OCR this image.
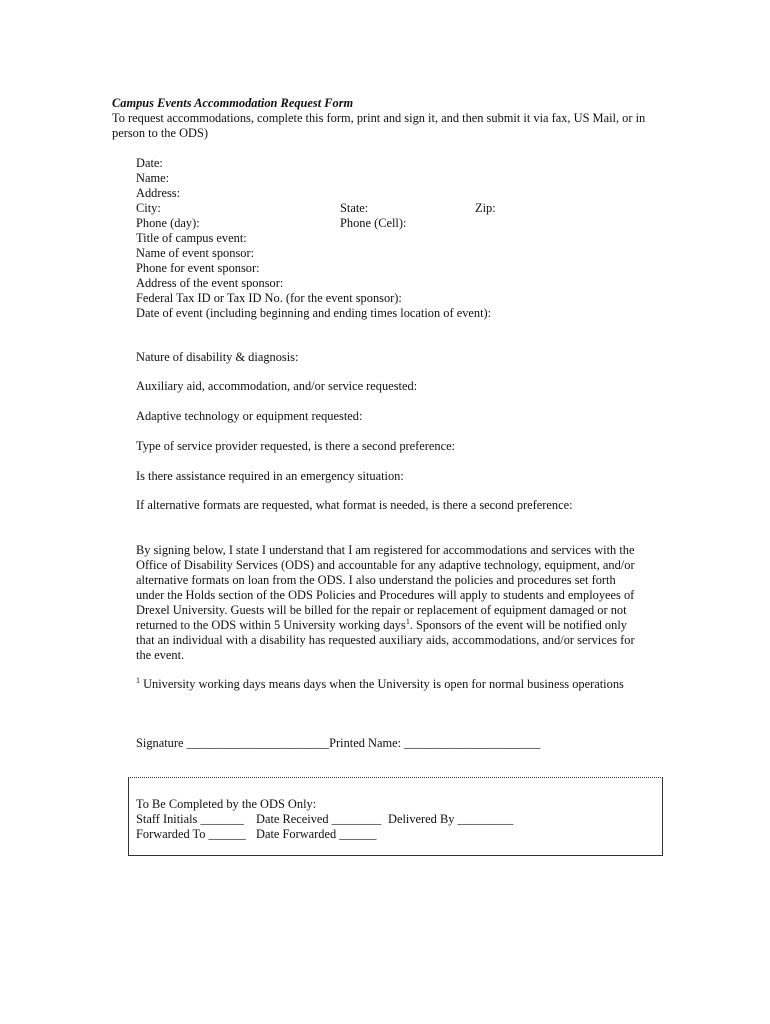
Campus Events Accommodation Request Form
To request accommodations, complete this form, print and sign it, and then submit it via fax, US Mail, or in
person to the ODS)
Date:
Name:
Address:
City:	State:	Zip:
Phone (day):	Phone (Cell):
Title of campus event:
Name of event sponsor:
Phone for event sponsor:
Address of the event sponsor:
Federal Tax ID or Tax ID No. (for the event sponsor):
Date of event (including beginning and ending times location of event):
Nature of disability & diagnosis:
Auxiliary aid, accommodation, and/or service requested:
Adaptive technology or equipment requested:
Type of service provider requested, is there a second preference:
Is there assistance required in an emergency situation:
If alternative formats are requested, what format is needed, is there a second preference:
By signing below, I state I understand that I am registered for accommodations and services with the
Office of Disability Services (ODS) and accountable for any adaptive technology, equipment, and/or
alternative formats on loan from the ODS. I also understand the policies and procedures set forth
under the Holds section of the ODS Policies and Procedures will apply to students and employees of
Drexel University. Guests will be billed for the repair or replacement of equipment damaged or not
returned to the ODS within 5 University working days$^1$. Sponsors of the event will be notified only
that an individual with a disability has requested auxiliary aids, accommodations, and/or services for
the event.
$^1$ University working days means days when the University is open for normal business operations
Signature _______________________Printed Name: ______________________
To Be Completed by the ODS Only:
Staff Initials _______ Date Received ________ Delivered By _________
Forwarded To ______ Date Forwarded ______
